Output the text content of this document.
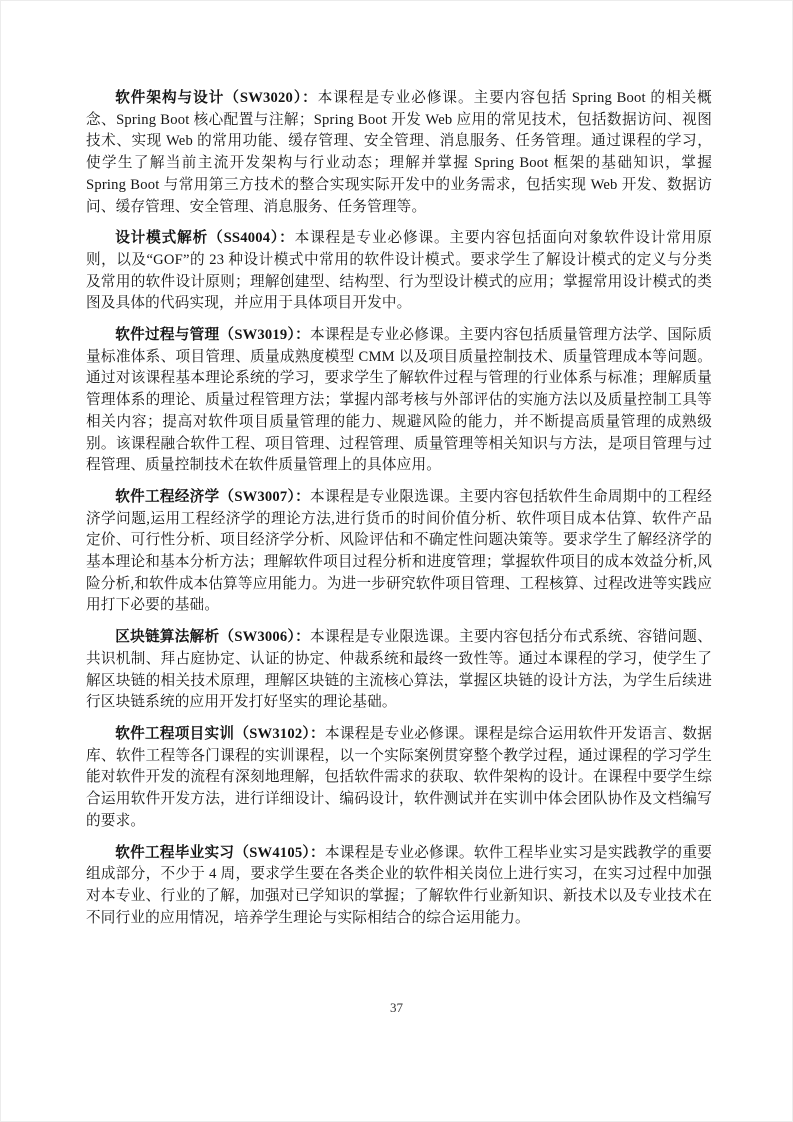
软件架构与设计（SW3020）：本课程是专业必修课。主要内容包括 Spring Boot 的相关概念、Spring Boot 核心配置与注解；Spring Boot 开发 Web 应用的常见技术，包括数据访问、视图技术、实现 Web 的常用功能、缓存管理、安全管理、消息服务、任务管理。通过课程的学习，使学生了解当前主流开发架构与行业动态；理解并掌握 Spring Boot 框架的基础知识，掌握 Spring Boot 与常用第三方技术的整合实现实际开发中的业务需求，包括实现 Web 开发、数据访问、缓存管理、安全管理、消息服务、任务管理等。

设计模式解析（SS4004）：本课程是专业必修课。主要内容包括面向对象软件设计常用原则，以及“GOF”的 23 种设计模式中常用的软件设计模式。要求学生了解设计模式的定义与分类及常用的软件设计原则；理解创建型、结构型、行为型设计模式的应用；掌握常用设计模式的类图及具体的代码实现，并应用于具体项目开发中。

软件过程与管理（SW3019）：本课程是专业必修课。主要内容包括质量管理方法学、国际质量标准体系、项目管理、质量成熟度模型 CMM 以及项目质量控制技术、质量管理成本等问题。通过对该课程基本理论系统的学习，要求学生了解软件过程与管理的行业体系与标准；理解质量管理体系的理论、质量过程管理方法；掌握内部考核与外部评估的实施方法以及质量控制工具等相关内容；提高对软件项目质量管理的能力、规避风险的能力，并不断提高质量管理的成熟级别。该课程融合软件工程、项目管理、过程管理、质量管理等相关知识与方法，是项目管理与过程管理、质量控制技术在软件质量管理上的具体应用。

软件工程经济学（SW3007）：本课程是专业限选课。主要内容包括软件生命周期中的工程经济学问题,运用工程经济学的理论方法,进行货币的时间价值分析、软件项目成本估算、软件产品定价、可行性分析、项目经济学分析、风险评估和不确定性问题决策等。要求学生了解经济学的基本理论和基本分析方法；理解软件项目过程分析和进度管理；掌握软件项目的成本效益分析,风险分析,和软件成本估算等应用能力。为进一步研究软件项目管理、工程核算、过程改进等实践应用打下必要的基础。

区块链算法解析（SW3006）：本课程是专业限选课。主要内容包括分布式系统、容错问题、共识机制、拜占庭协定、认证的协定、仲裁系统和最终一致性等。通过本课程的学习，使学生了解区块链的相关技术原理，理解区块链的主流核心算法，掌握区块链的设计方法，为学生后续进行区块链系统的应用开发打好坚实的理论基础。

软件工程项目实训（SW3102）：本课程是专业必修课。课程是综合运用软件开发语言、数据库、软件工程等各门课程的实训课程，以一个实际案例贯穿整个教学过程，通过课程的学习学生能对软件开发的流程有深刻地理解，包括软件需求的获取、软件架构的设计。在课程中要学生综合运用软件开发方法，进行详细设计、编码设计，软件测试并在实训中体会团队协作及文档编写的要求。

软件工程毕业实习（SW4105）：本课程是专业必修课。软件工程毕业实习是实践教学的重要组成部分，不少于 4 周，要求学生要在各类企业的软件相关岗位上进行实习，在实习过程中加强对本专业、行业的了解，加强对已学知识的掌握；了解软件行业新知识、新技术以及专业技术在不同行业的应用情况，培养学生理论与实际相结合的综合运用能力。

37
